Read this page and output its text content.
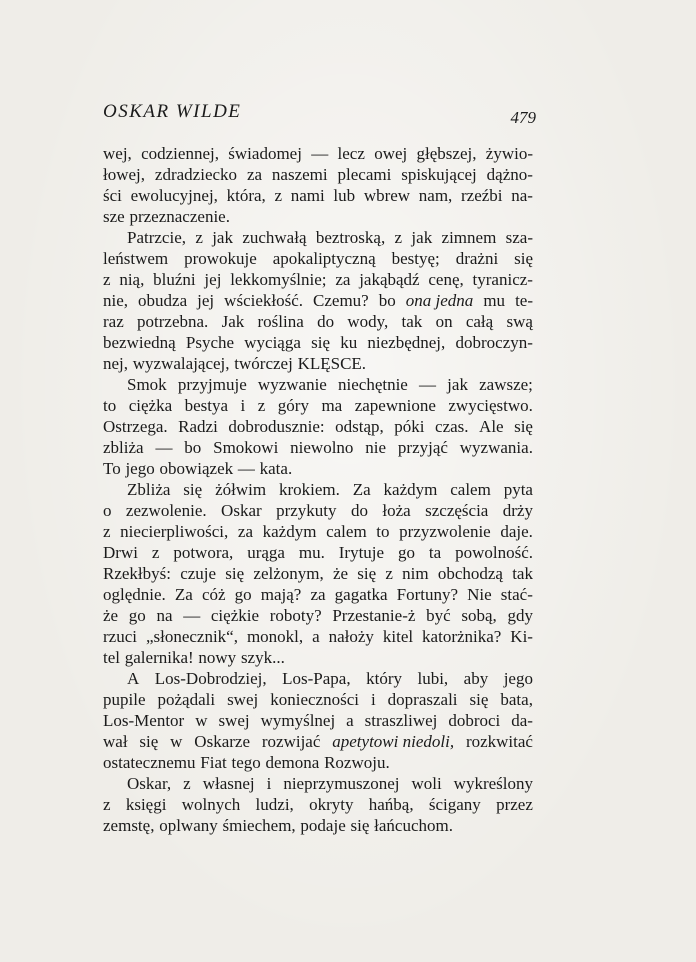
OSKAR WILDE	479
wej, codziennej, świadomej — lecz owej głębszej, żywio-
łowej, zdradziecko za naszemi plecami spiskującej dążno-
ści ewolucyjnej, która, z nami lub wbrew nam, rzeźbi na-
sze przeznaczenie.
Patrzcie, z jak zuchwałą beztroską, z jak zimnem sza-
leństwem prowokuje apokaliptyczną bestyę; drażni się
z nią, bluźni jej lekkomyślnie; za jakąbądź cenę, tyranicz-
nie, obudza jej wściekłość. Czemu? bo ona jedna mu te-
raz potrzebna. Jak roślina do wody, tak on całą swą
bezwiedną Psyche wyciąga się ku niezbędnej, dobroczyn-
nej, wyzwalającej, twórczej KLĘSCE.
Smok przyjmuje wyzwanie niechętnie — jak zawsze;
to ciężka bestya i z góry ma zapewnione zwycięstwo.
Ostrzega. Radzi dobrodusznie: odstąp, póki czas. Ale się
zbliża — bo Smokowi niewolno nie przyjąć wyzwania.
To jego obowiązek — kata.
Zbliża się żółwim krokiem. Za każdym calem pyta
o zezwolenie. Oskar przykuty do łoża szczęścia drży
z niecierpliwości, za każdym calem to przyzwolenie daje.
Drwi z potwora, urąga mu. Irytuje go ta powolność.
Rzekłbyś: czuje się zelżonym, że się z nim obchodzą tak
oględnie. Za cóż go mają? za gagatka Fortuny? Nie stać-
że go na — ciężkie roboty? Przestanie-ż być sobą, gdy
rzuci „słonecznik“, monokl, a nałoży kitel katorżnika? Ki-
tel galernika! nowy szyk...
A Los-Dobrodziej, Los-Papa, który lubi, aby jego
pupile pożądali swej konieczności i dopraszali się bata,
Los-Mentor w swej wymyślnej a straszliwej dobroci da-
wał się w Oskarze rozwijać apetytowi niedoli, rozkwitać
ostatecznemu Fiat tego demona Rozwoju.
Oskar, z własnej i nieprzymuszonej woli wykreślony
z księgi wolnych ludzi, okryty hańbą, ścigany przez
zemstę, oplwany śmiechem, podaje się łańcuchom.
